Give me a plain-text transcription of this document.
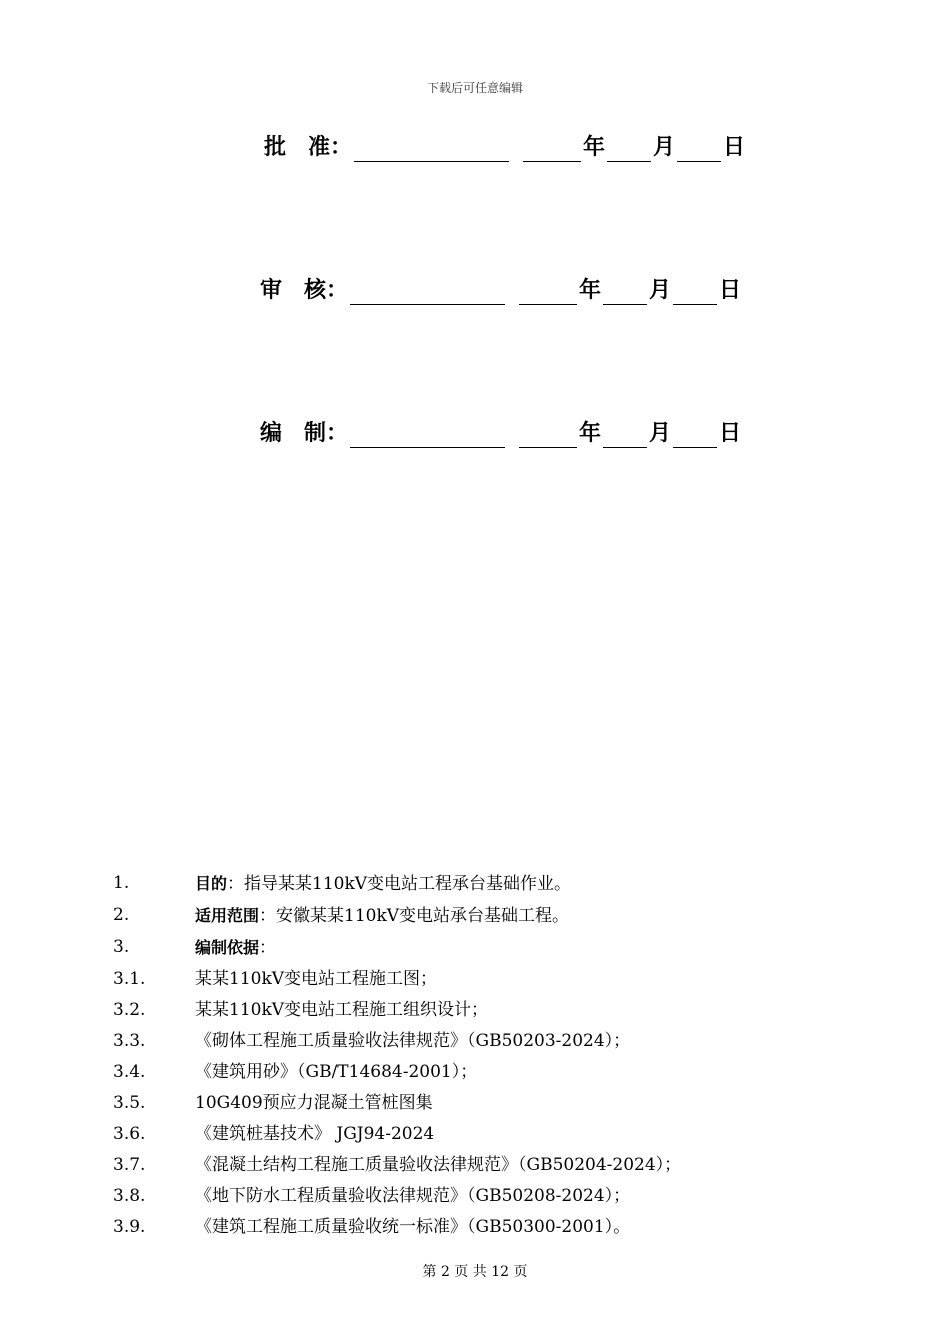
下载后可任意编辑
批　准：	年 月 日
审　核：	年 月 日
编　制：	年 月 日
1.	目的：指导某某110kV变电站工程承台基础作业。
2.	适用范围：安徽某某110kV变电站承台基础工程。
3.	编制依据：
3.1.	某某110kV变电站工程施工图；
3.2.	某某110kV变电站工程施工组织设计；
3.3.	《砌体工程施工质量验收法律规范》（GB50203-2024）；
3.4.	《建筑用砂》（GB/T14684-2001）；
3.5.	10G409预应力混凝土管桩图集
3.6.	《建筑桩基技术》 JGJ94-2024
3.7.	《混凝土结构工程施工质量验收法律规范》（GB50204-2024）；
3.8.	《地下防水工程质量验收法律规范》（GB50208-2024）；
3.9.	《建筑工程施工质量验收统一标准》（GB50300-2001）。
第 2 页 共 12 页
